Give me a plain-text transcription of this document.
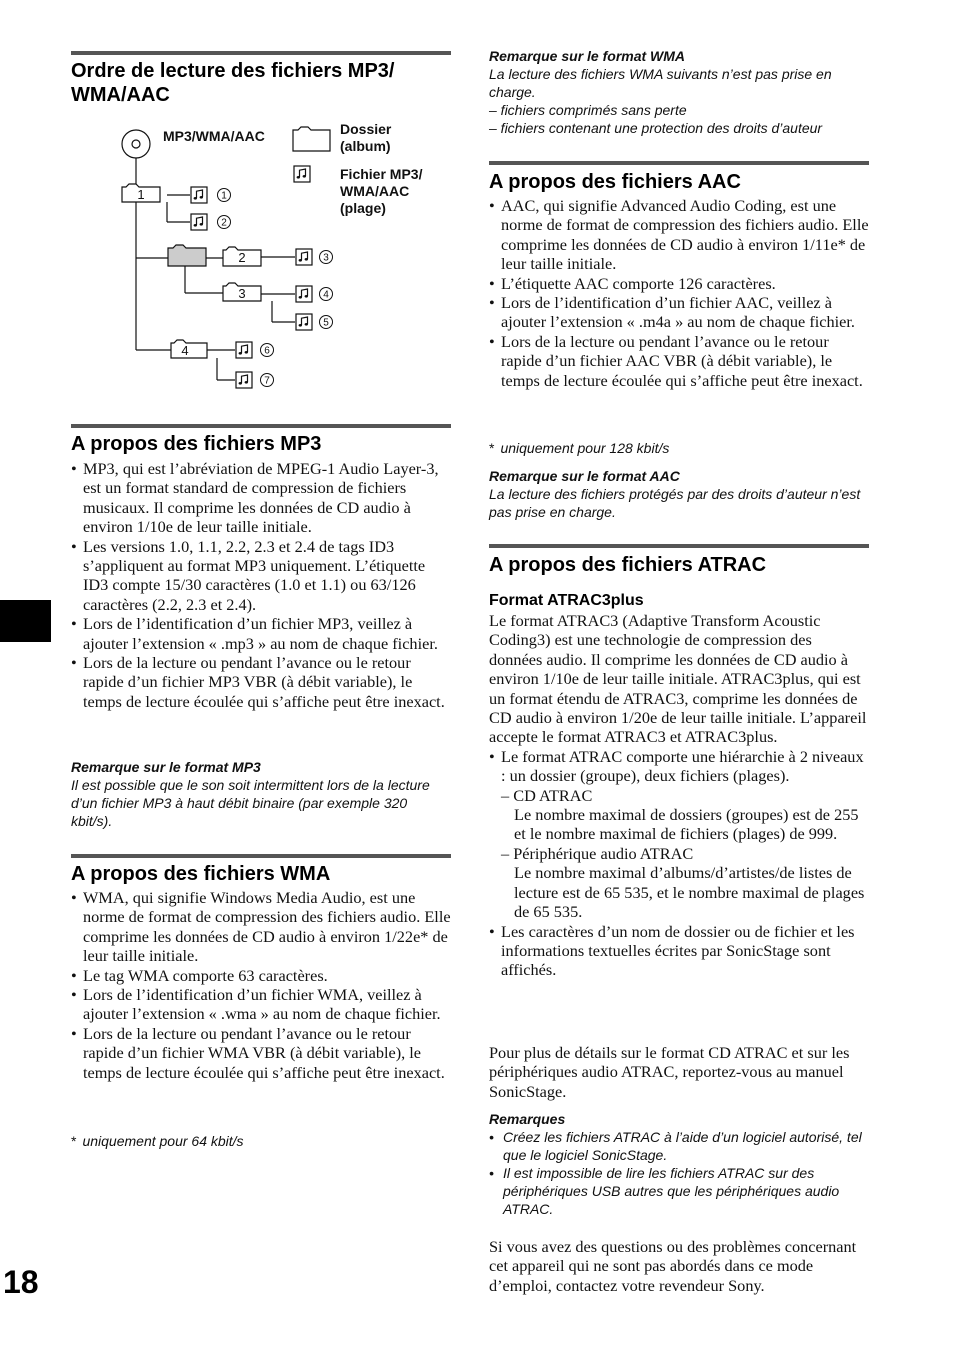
18
Ordre de lecture des fichiers MP3/
WMA/AAC
A propos des fichiers MP3
• MP3, qui est l’abréviation de MPEG-1 Audio Layer-3, est un format standard de compression de fichiers musicaux. Il comprime les données de CD audio à environ 1/10e de leur taille initiale.
• Les versions 1.0, 1.1, 2.2, 2.3 et 2.4 de tags ID3 s’appliquent au format MP3 uniquement. L’étiquette ID3 compte 15/30 caractères (1.0 et 1.1) ou 63/126 caractères (2.2, 2.3 et 2.4).
• Lors de l’identification d’un fichier MP3, veillez à ajouter l’extension « .mp3 » au nom de chaque fichier.
• Lors de la lecture ou pendant l’avance ou le retour rapide d’un fichier MP3 VBR (à débit variable), le temps de lecture écoulée qui s’affiche peut être inexact.
Remarque sur le format MP3
Il est possible que le son soit intermittent lors de la lecture d’un fichier MP3 à haut débit binaire (par exemple 320 kbit/s).
A propos des fichiers WMA
• WMA, qui signifie Windows Media Audio, est une norme de format de compression des fichiers audio. Elle comprime les données de CD audio à environ 1/22e* de leur taille initiale.
• Le tag WMA comporte 63 caractères.
• Lors de l’identification d’un fichier WMA, veillez à ajouter l’extension « .wma » au nom de chaque fichier.
• Lors de la lecture ou pendant l’avance ou le retour rapide d’un fichier WMA VBR (à débit variable), le temps de lecture écoulée qui s’affiche peut être inexact.
* uniquement pour 64 kbit/s
1
2
3
4
1
2
3
4
5
6
7
MP3/WMA/AAC	Dossier
(album)
Fichier MP3/
WMA/AAC
(plage)
Remarque sur le format WMA
La lecture des fichiers WMA suivants n’est pas prise en charge.
– fichiers comprimés sans perte
– fichiers contenant une protection des droits d’auteur
A propos des fichiers AAC
• AAC, qui signifie Advanced Audio Coding, est une norme de format de compression des fichiers audio. Elle comprime les données de CD audio à environ 1/11e* de leur taille initiale.
• L’étiquette AAC comporte 126 caractères.
• Lors de l’identification d’un fichier AAC, veillez à ajouter l’extension « .m4a » au nom de chaque fichier.
• Lors de la lecture ou pendant l’avance ou le retour rapide d’un fichier AAC VBR (à débit variable), le temps de lecture écoulée qui s’affiche peut être inexact.
* uniquement pour 128 kbit/s
Remarque sur le format AAC
La lecture des fichiers protégés par des droits d’auteur n’est pas prise en charge.
A propos des fichiers ATRAC
Format ATRAC3plus

Le format ATRAC3 (Adaptive Transform Acoustic Coding3) est une technologie de compression des données audio. Il comprime les données de CD audio à environ 1/10e de leur taille initiale. ATRAC3plus, qui est un format étendu de ATRAC3, comprime les données de CD audio à environ 1/20e de leur taille initiale. L’appareil accepte le format ATRAC3 et ATRAC3plus.

• Le format ATRAC comporte une hiérarchie à 2 niveaux : un dossier (groupe), deux fichiers (plages).
– CD ATRAC
Le nombre maximal de dossiers (groupes) est de 255 et le nombre maximal de fichiers (plages) de 999.
– Périphérique audio ATRAC
Le nombre maximal d’albums/d’artistes/de listes de lecture est de 65 535, et le nombre maximal de plages de 65 535.
• Les caractères d’un nom de dossier ou de fichier et les informations textuelles écrites par SonicStage sont affichés.
Pour plus de détails sur le format CD ATRAC et sur les périphériques audio ATRAC, reportez-vous au manuel SonicStage.
Remarques
• Créez les fichiers ATRAC à l’aide d’un logiciel autorisé, tel que le logiciel SonicStage.
• Il est impossible de lire les fichiers ATRAC sur des périphériques USB autres que les périphériques audio ATRAC.
Si vous avez des questions ou des problèmes concernant cet appareil qui ne sont pas abordés dans ce mode d’emploi, contactez votre revendeur Sony.
